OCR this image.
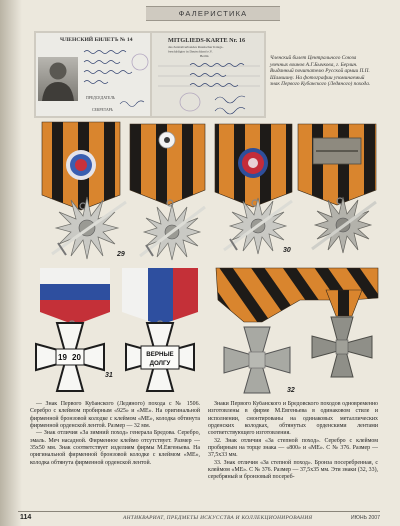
ЧЛЕНСКИЙ БИЛЕТЪ № 14
ПРЕДСЕДАТЕЛЬ
СЕКРЕТАРЬ
MITGLIEDS-KARTE Nr. 16
des Zentralverbandes Russischer Kriegs-
beschädigter in Deutschland e.V.
Berlin
19 20	ВЕРНЫЕ
ДОЛГУ
ФАЛЕРИСТИКА
Членский билет Центрального Союза увечных воинов А.Г.Бычкова, г. Берлин. Выданный почитателю Русской армии П.П. Шамшину. На фотографии упоминаемый знак Первого Кубанского (Ледяного) похода.
29
30
31
32

— Знак Первого Кубанского (Ледяного) похода с № 1506. Серебро с клеймом пробирным «925» и «МЕ». На оригинальной фирменной бронзовой колодке с клеймом «МЕ», колодка обтянута фирменной орденской лентой. Размер — 32 мм.

— Знак отличия «За зимний поход» генерала Бредова. Серебро, эмаль. Меч насадной. Фирменное клеймо отсутствует. Размер — 35х50 мм. Знак соответствует изделиям фирмы М.Евгеньева. На оригинальной фирменной бронзовой колодке с клеймом «МЕ», колодка обтянута фирменной орденской лентой.

Знаки Первого Кубанского и Бредовского походов одновременно изготовлены в фирме М.Евгеньева в одинаковом стиле и исполнении, смонтированы на одинаковых металлических орденских колодках, обтянутых орденскими лентами соответствующего изготовления.

32. Знак отличия «За степной поход». Серебро с клеймом пробирным на торце знака — «800» и «МЕ». С № 376. Размер — 37,5х33 мм.

33. Знак отличия «За степной поход». Бронза посеребренная, с клеймом «МЕ». С № 376. Размер — 37,5х35 мм. Эти знаки (32, 33), серебряный и бронзовый посереб-

114	АНТИКВАРИАТ, ПРЕДМЕТЫ ИСКУССТВА И КОЛЛЕКЦИОНИРОВАНИЯ	ИЮНЬ 2007
